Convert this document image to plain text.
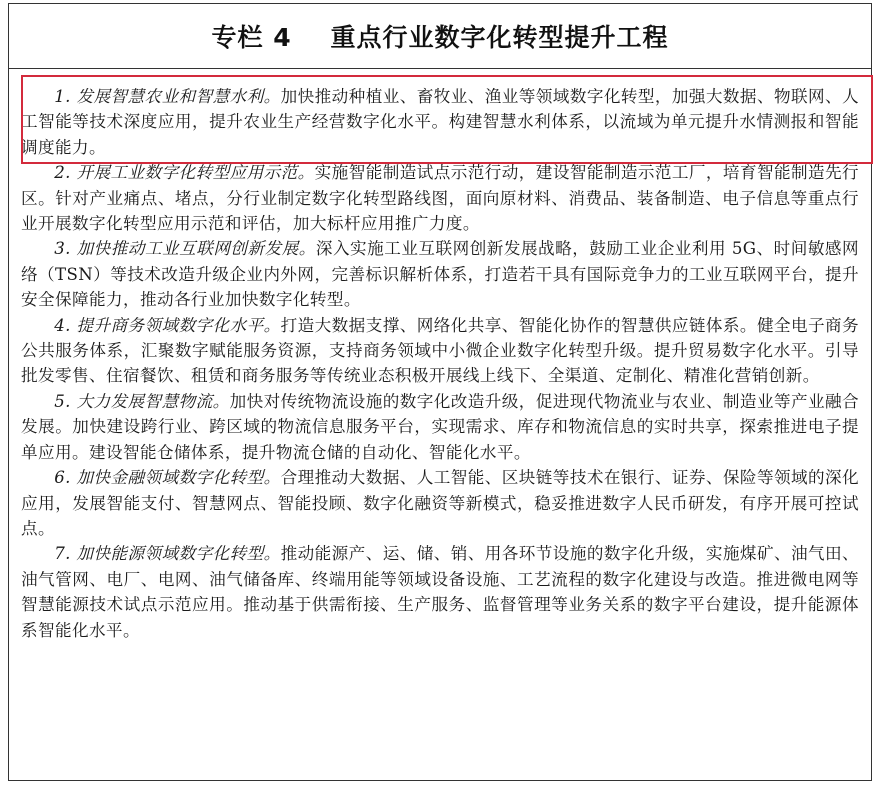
专栏 4    重点行业数字化转型提升工程

1. 发展智慧农业和智慧水利。加快推动种植业、畜牧业、渔业等领域数字化转型，加强大数据、物联网、人工智能等技术深度应用，提升农业生产经营数字化水平。构建智慧水利体系，以流域为单元提升水情测报和智能调度能力。

2. 开展工业数字化转型应用示范。实施智能制造试点示范行动，建设智能制造示范工厂，培育智能制造先行区。针对产业痛点、堵点，分行业制定数字化转型路线图，面向原材料、消费品、装备制造、电子信息等重点行业开展数字化转型应用示范和评估，加大标杆应用推广力度。

3. 加快推动工业互联网创新发展。深入实施工业互联网创新发展战略，鼓励工业企业利用 5G、时间敏感网络（TSN）等技术改造升级企业内外网，完善标识解析体系，打造若干具有国际竞争力的工业互联网平台，提升安全保障能力，推动各行业加快数字化转型。

4. 提升商务领域数字化水平。打造大数据支撑、网络化共享、智能化协作的智慧供应链体系。健全电子商务公共服务体系，汇聚数字赋能服务资源，支持商务领域中小微企业数字化转型升级。提升贸易数字化水平。引导批发零售、住宿餐饮、租赁和商务服务等传统业态积极开展线上线下、全渠道、定制化、精准化营销创新。

5. 大力发展智慧物流。加快对传统物流设施的数字化改造升级，促进现代物流业与农业、制造业等产业融合发展。加快建设跨行业、跨区域的物流信息服务平台，实现需求、库存和物流信息的实时共享，探索推进电子提单应用。建设智能仓储体系，提升物流仓储的自动化、智能化水平。

6. 加快金融领域数字化转型。合理推动大数据、人工智能、区块链等技术在银行、证券、保险等领域的深化应用，发展智能支付、智慧网点、智能投顾、数字化融资等新模式，稳妥推进数字人民币研发，有序开展可控试点。

7. 加快能源领域数字化转型。推动能源产、运、储、销、用各环节设施的数字化升级，实施煤矿、油气田、油气管网、电厂、电网、油气储备库、终端用能等领域设备设施、工艺流程的数字化建设与改造。推进微电网等智慧能源技术试点示范应用。推动基于供需衔接、生产服务、监督管理等业务关系的数字平台建设，提升能源体系智能化水平。
